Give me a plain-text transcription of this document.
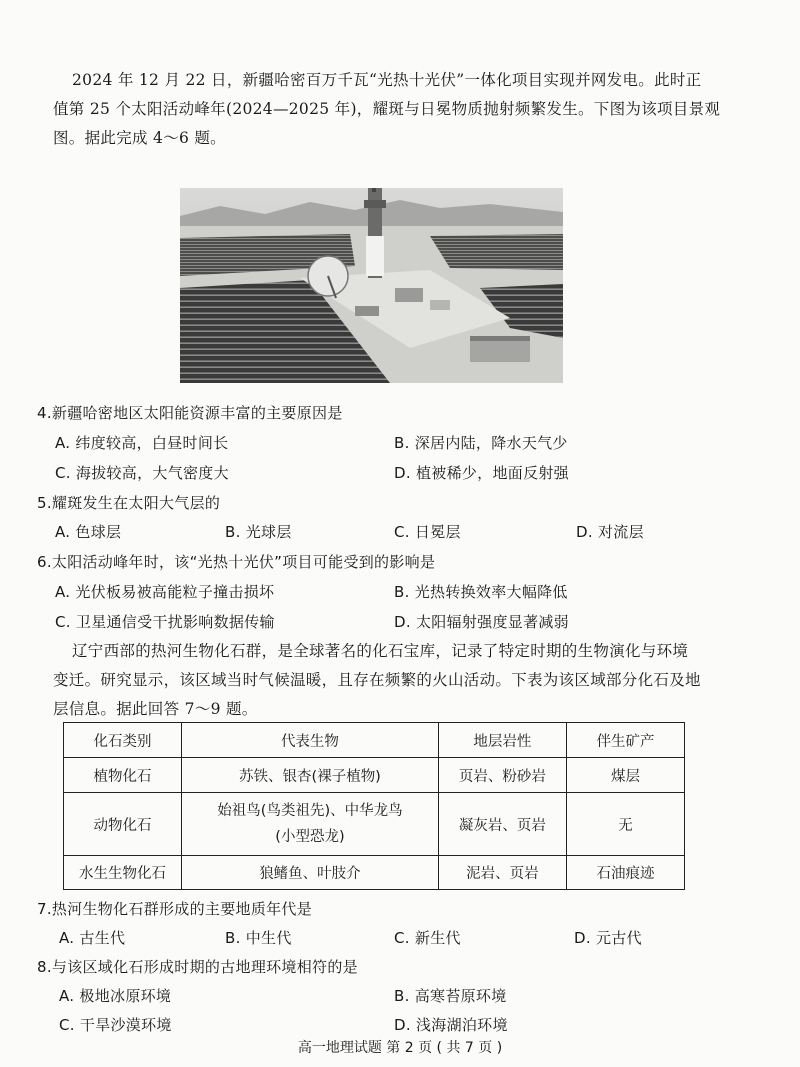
2024 年 12 月 22 日，新疆哈密百万千瓦“光热十光伏”一体化项目实现并网发电。此时正
值第 25 个太阳活动峰年(2024—2025 年)，耀斑与日冕物质抛射频繁发生。下图为该项目景观
图。据此完成 4～6 题。
4.新疆哈密地区太阳能资源丰富的主要原因是
A. 纬度较高，白昼时间长	B. 深居内陆，降水天气少
C. 海拔较高，大气密度大	D. 植被稀少，地面反射强
5.耀斑发生在太阳大气层的
A. 色球层	B. 光球层	C. 日冕层	D. 对流层
6.太阳活动峰年时，该“光热十光伏”项目可能受到的影响是
A. 光伏板易被高能粒子撞击损坏	B. 光热转换效率大幅降低
C. 卫星通信受干扰影响数据传输	D. 太阳辐射强度显著减弱
辽宁西部的热河生物化石群，是全球著名的化石宝库，记录了特定时期的生物演化与环境
变迁。研究显示，该区域当时气候温暖，且存在频繁的火山活动。下表为该区域部分化石及地
层信息。据此回答 7～9 题。
化石类别	代表生物	地层岩性	伴生矿产
植物化石	苏铁、银杏(裸子植物)	页岩、粉砂岩	煤层
动物化石	始祖鸟(鸟类祖先)、中华龙鸟
(小型恐龙)	凝灰岩、页岩	无
水生生物化石	狼鳍鱼、叶肢介	泥岩、页岩	石油痕迹
7.热河生物化石群形成的主要地质年代是
A. 古生代	B. 中生代	C. 新生代	D. 元古代
8.与该区域化石形成时期的古地理环境相符的是
A. 极地冰原环境	B. 高寒苔原环境
C. 干旱沙漠环境	D. 浅海湖泊环境
高一地理试题 第 2 页 ( 共 7 页 )
